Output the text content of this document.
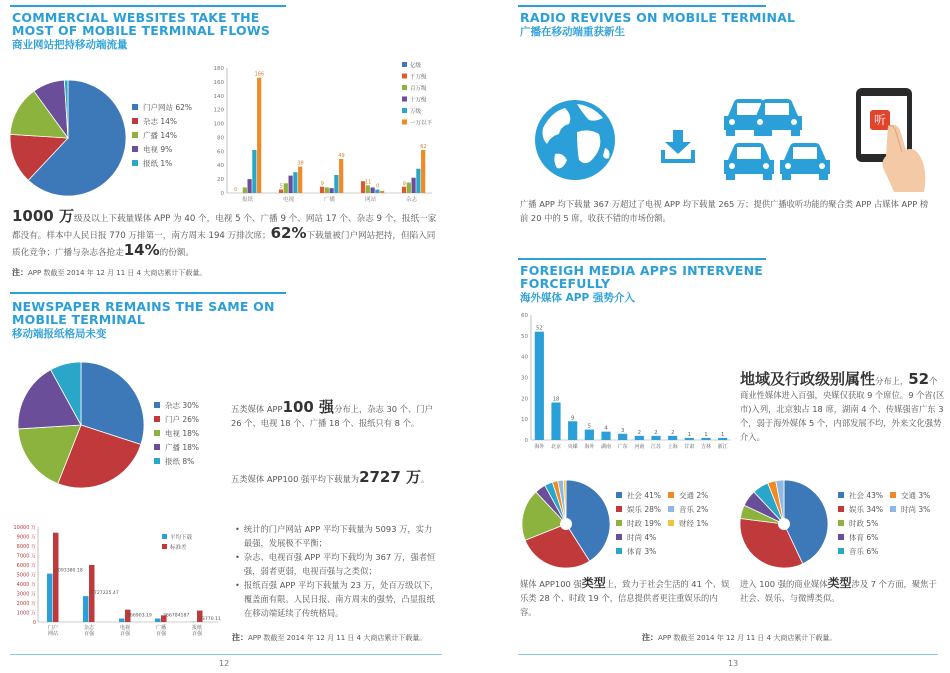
COMMERCIAL WEBSITES TAKE THE MOST OF MOBILE TERMINAL FLOWS
商业网站把持移动端流量
门户网站 62%
杂志 14%
广播 14%
电视 9%
报纸 1%
0
20
40
60
80
100
120
140
160
180
报纸	电视	广播	网站	杂志
0
166
5
38
9
49
11
0	9
62
亿级
千万级
百万级
十万级
万级
一万以下
1000 万级及以上下载量媒体 APP 为 40 个，电视 5 个、广播 9 个、网站 17 个、杂志 9 个，报纸一家都没有。样本中人民日报 770 万排第一，南方周末 194 万排次席；62%下载量被门户网站把持，但陷入同质化竞争；广播与杂志各抢走14%的份额。
注：APP 数截至 2014 年 12 月 11 日 4 大商店累计下载量。
NEWSPAPER REMAINS THE SAME ON MOBILE TERMINAL
移动端报纸格局未变
杂志 30%
门户 26%
电视 18%
广播 18%
报纸 8%
五类媒体 APP100 强分布上，杂志 30 个、门户 26 个、电视 18 个、广播 18 个、报纸只有 8 个。
五类媒体 APP100 强平均下载量为2727 万。
0
1000 万
2000 万
3000 万
4000 万
5000 万
6000 万
7000 万
8000 万
9000 万
10000 万
门户
网站
5093380.18
杂志
百强
2727225.47
电视
百强
366903.19
广播
百强
366784187
报纸
百强
23770.11
平均下载
标准差
• 统计的门户网站 APP 平均下载量为 5093 万，实力最强，发展极不平衡；
• 杂志、电视百强 APP 平均下载均为 367 万，强者恒强，弱者更弱，电视百强与之类似；
• 报纸百强 APP 平均下载量为 23 万，处百万级以下，覆盖面有限。人民日报、南方周末的强势，凸显报纸在移动端延续了传统格局。
注：APP 数截至 2014 年 12 月 11 日 4 大商店累计下载量。
12
RADIO REVIVES ON MOBILE TERMINAL
广播在移动端重获新生
听
广播 APP 均下载量 367 万超过了电视 APP 均下载量 265 万；提供广播收听功能的聚合类 APP 占媒体 APP 榜前 20 中的 5 席，收获不错的市场份额。
FOREIGH MEDIA APPS INTERVENE FORCEFULLY
海外媒体 APP 强势介入
0
10
20
30
40
50
60
52
海外
18
北京
9
央媒
5
海外
4
湖南
3
广东
2
河南
2
江苏
2
上海
1
甘肃
1
吉林
1
浙江
地域及行政级别属性分布上，52个商业性媒体进入百强，央媒仅获取 9 个席位。9 个省(区市)入列，北京独占 18 席，湖南 4 个、传媒强省广东 3 个，弱于海外媒体 5 个，内部发展不均，外来文化强势介入。
社会 41% 交通 2%
娱乐 28% 音乐 2%
时政 19% 财经 1%
时尚 4%
体育 3%
社会 43% 交通 3%
娱乐 34% 时尚 3%
时政 5%
体育 6%
音乐 6%
媒体 APP100 强类型上，致力于社会生活的 41 个、娱乐类 28 个、时政 19 个，信息提供者更注重娱乐的内容。
进入 100 强的商业媒体类型涉及 7 个方面，聚焦于社会、娱乐、与微博类似。
注：APP 数截至 2014 年 12 月 11 日 4 大商店累计下载量。
13
